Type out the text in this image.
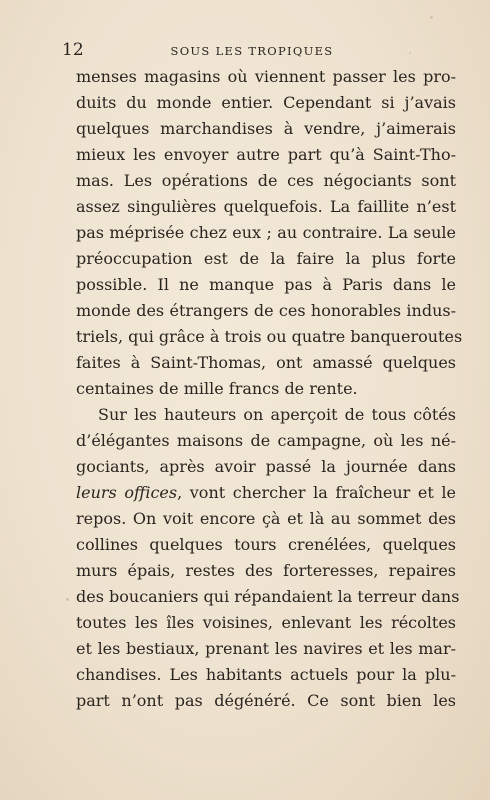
12	SOUS LES TROPIQUES
menses magasins où viennent passer les pro-
duits du monde entier. Cependant si j’avais
quelques marchandises à vendre, j’aimerais
mieux les envoyer autre part qu’à Saint-Tho-
mas. Les opérations de ces négociants sont
assez singulières quelquefois. La faillite n’est
pas méprisée chez eux ; au contraire. La seule
préoccupation est de la faire la plus forte
possible. Il ne manque pas à Paris dans le
monde des étrangers de ces honorables indus-
triels, qui grâce à trois ou quatre banqueroutes
faites à Saint-Thomas, ont amassé quelques
centaines de mille francs de rente.
Sur les hauteurs on aperçoit de tous côtés
d’élégantes maisons de campagne, où les né-
gociants, après avoir passé la journée dans
leurs offices, vont chercher la fraîcheur et le
repos. On voit encore çà et là au sommet des
collines quelques tours crenélées, quelques
murs épais, restes des forteresses, repaires
des boucaniers qui répandaient la terreur dans
toutes les îles voisines, enlevant les récoltes
et les bestiaux, prenant les navires et les mar-
chandises. Les habitants actuels pour la plu-
part n’ont pas dégénéré. Ce sont bien les
